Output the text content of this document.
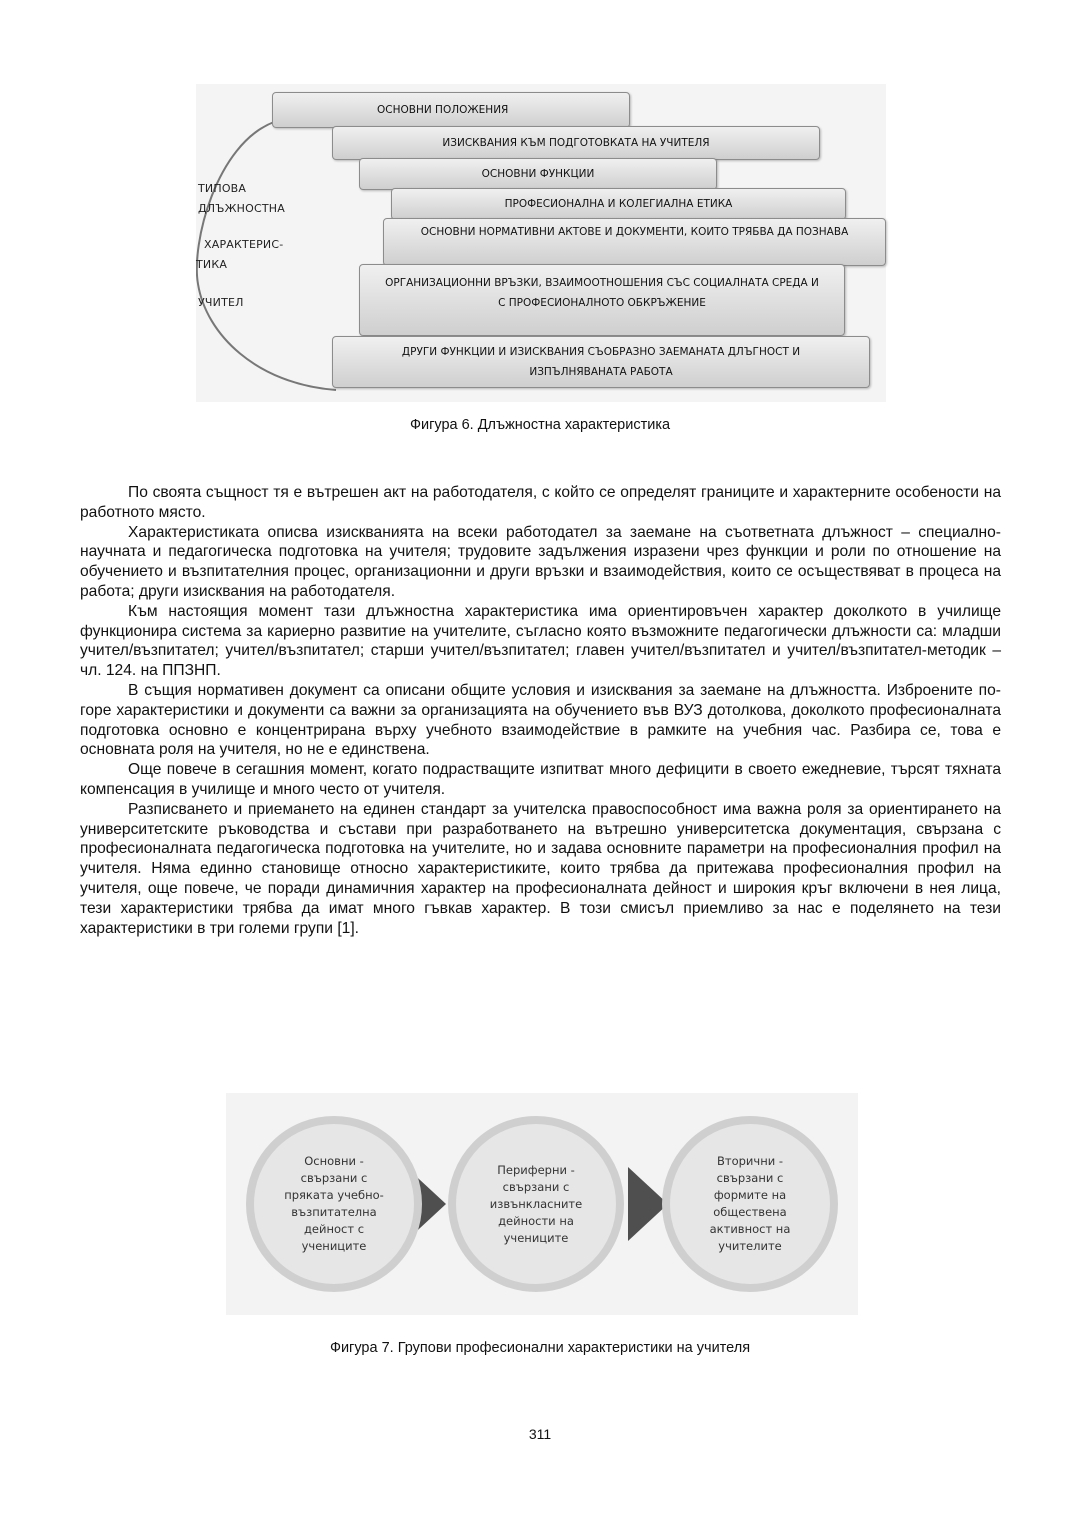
ТИПОВА
ДЛЪЖНОСТНА
ХАРАКТЕРИС-
ТИКА
УЧИТЕЛ
ОСНОВНИ ПОЛОЖЕНИЯ
ИЗИСКВАНИЯ КЪМ ПОДГОТОВКАТА НА УЧИТЕЛЯ
ОСНОВНИ ФУНКЦИИ
ПРОФЕСИОНАЛНА И КОЛЕГИАЛНА ЕТИКА
ОСНОВНИ НОРМАТИВНИ АКТОВЕ И ДОКУМЕНТИ, КОИТО ТРЯБВА ДА ПОЗНАВА
ОРГАНИЗАЦИОННИ ВРЪЗКИ, ВЗАИМООТНОШЕНИЯ СЪС СОЦИАЛНАТА СРЕДА И С ПРОФЕСИОНАЛНОТО ОБКРЪЖЕНИЕ
ДРУГИ ФУНКЦИИ И ИЗИСКВАНИЯ СЪОБРАЗНО ЗАЕМАНАТА ДЛЪГНОСТ И ИЗПЪЛНЯВАНАТА РАБОТА
Фигура 6. Длъжностна характеристика

По своята същност тя е вътрешен акт на работодателя, с който се определят границите и характерните особености на работното място.

Характеристиката описва изискванията на всеки работодател за заемане на съответната длъжност – специално-научната и педагогическа подготовка на учителя; трудовите задължения изразени чрез функции и роли по отношение на обучението и възпитателния процес, организационни и други връзки и взаимодействия, които се осъществяват в процеса на работа; други изисквания на работодателя.

Към настоящия момент тази длъжностна характеристика има ориентировъчен характер доколкото в училище функционира система за кариерно развитие на учителите, съгласно която възможните педагогически длъжности са: младши учител/възпитател; учител/възпитател; старши учител/възпитател; главен учител/възпитател и учител/възпитател-методик – чл. 124. на ППЗНП.

В същия нормативен документ са описани общите условия и изисквания за заемане на длъжността. Изброените по-горе характеристики и документи са важни за организацията на обучението във ВУЗ дотолкова, доколкото професионалната подготовка основно е концентрирана върху учебното взаимодействие в рамките на учебния час. Разбира се, това е основната роля на учителя, но не е единствена.

Още повече в сегашния момент, когато подрастващите изпитват много дефицити в своето ежедневие, търсят тяхната компенсация в училище и много често от учителя.

Разписването и приемането на единен стандарт за учителска правоспособност има важна роля за ориентирането на университетските ръководства и състави при разработването на вътрешно университетска документация, свързана с професионалната педагогическа подготовка на учителите, но и задава основните параметри на професионалния профил на учителя. Няма единно становище относно характеристиките, които трябва да притежава професионалния профил на учителя, още повече, че поради динамичния характер на професионалната дейност и широкия кръг включени в нея лица, тези характеристики трябва да имат много гъвкав характер. В този смисъл приемливо за нас е поделянето на тези характеристики в три големи групи [1].

Основни -
свързани с
пряката учебно-
възпитателна
дейност с
учениците
Периферни -
свързани с
извънкласните
дейности на
учениците
Вторични -
свързани с
формите на
обществена
активност на
учителите
Фигура 7. Групови професионални характеристики на учителя
311
